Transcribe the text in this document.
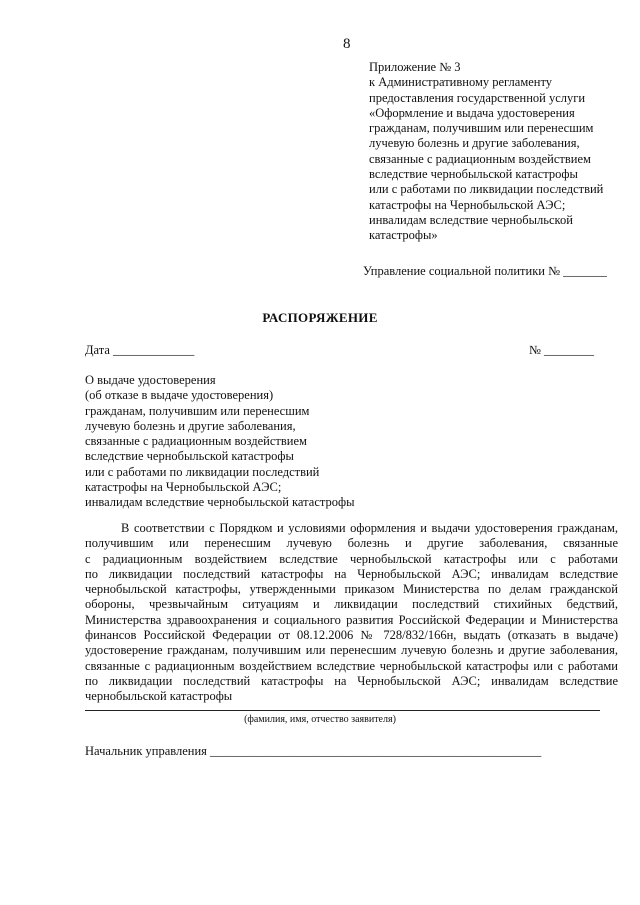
8
Приложение № 3
к Административному регламенту
предоставления государственной услуги
«Оформление и выдача удостоверения
гражданам, получившим или перенесшим
лучевую болезнь и другие заболевания,
связанные с радиационным воздействием
вследствие чернобыльской катастрофы
или с работами по ликвидации последствий
катастрофы на Чернобыльской АЭС;
инвалидам вследствие чернобыльской
катастрофы»
Управление социальной политики № _______
РАСПОРЯЖЕНИЕ
Дата _____________	№ ________
О выдаче удостоверения
(об отказе в выдаче удостоверения)
гражданам, получившим или перенесшим
лучевую болезнь и другие заболевания,
связанные с радиационным воздействием
вследствие чернобыльской катастрофы
или с работами по ликвидации последствий
катастрофы на Чернобыльской АЭС;
инвалидам вследствие чернобыльской катастрофы
В соответствии с Порядком и условиями оформления и выдачи удостоверения гражданам,
получившим или перенесшим лучевую болезнь и другие заболевания, связанные
с радиационным воздействием вследствие чернобыльской катастрофы или с работами
по ликвидации последствий катастрофы на Чернобыльской АЭС; инвалидам вследствие
чернобыльской катастрофы, утвержденными приказом Министерства по делам гражданской
обороны, чрезвычайным ситуациям и ликвидации последствий стихийных бедствий,
Министерства здравоохранения и социального развития Российской Федерации и Министерства
финансов Российской Федерации от 08.12.2006 № 728/832/166н, выдать (отказать в выдаче)
удостоверение гражданам, получившим или перенесшим лучевую болезнь и другие заболевания,
связанные с радиационным воздействием вследствие чернобыльской катастрофы или с работами
по ликвидации последствий катастрофы на Чернобыльской АЭС; инвалидам вследствие
чернобыльской катастрофы
(фамилия, имя, отчество заявителя)
Начальник управления _____________________________________________________
